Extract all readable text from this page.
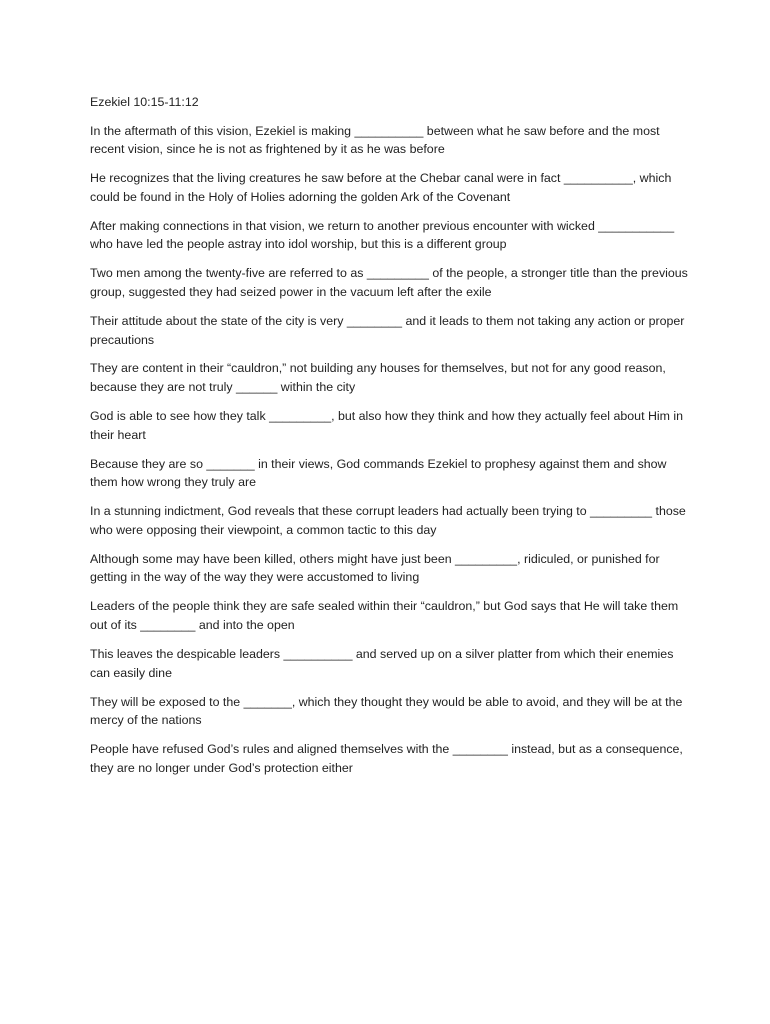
Ezekiel 10:15-11:12

In the aftermath of this vision, Ezekiel is making __________ between what he saw before and the most recent vision, since he is not as frightened by it as he was before

He recognizes that the living creatures he saw before at the Chebar canal were in fact __________, which could be found in the Holy of Holies adorning the golden Ark of the Covenant

After making connections in that vision, we return to another previous encounter with wicked ___________ who have led the people astray into idol worship, but this is a different group

Two men among the twenty-five are referred to as _________ of the people, a stronger title than the previous group, suggested they had seized power in the vacuum left after the exile

Their attitude about the state of the city is very ________ and it leads to them not taking any action or proper precautions

They are content in their “cauldron,” not building any houses for themselves, but not for any good reason, because they are not truly ______ within the city

God is able to see how they talk _________, but also how they think and how they actually feel about Him in their heart

Because they are so _______ in their views, God commands Ezekiel to prophesy against them and show them how wrong they truly are

In a stunning indictment, God reveals that these corrupt leaders had actually been trying to _________ those who were opposing their viewpoint, a common tactic to this day

Although some may have been killed, others might have just been _________, ridiculed, or punished for getting in the way of the way they were accustomed to living

Leaders of the people think they are safe sealed within their “cauldron,” but God says that He will take them out of its ________ and into the open

This leaves the despicable leaders __________ and served up on a silver platter from which their enemies can easily dine

They will be exposed to the _______, which they thought they would be able to avoid, and they will be at the mercy of the nations

People have refused God’s rules and aligned themselves with the ________ instead, but as a consequence, they are no longer under God’s protection either
